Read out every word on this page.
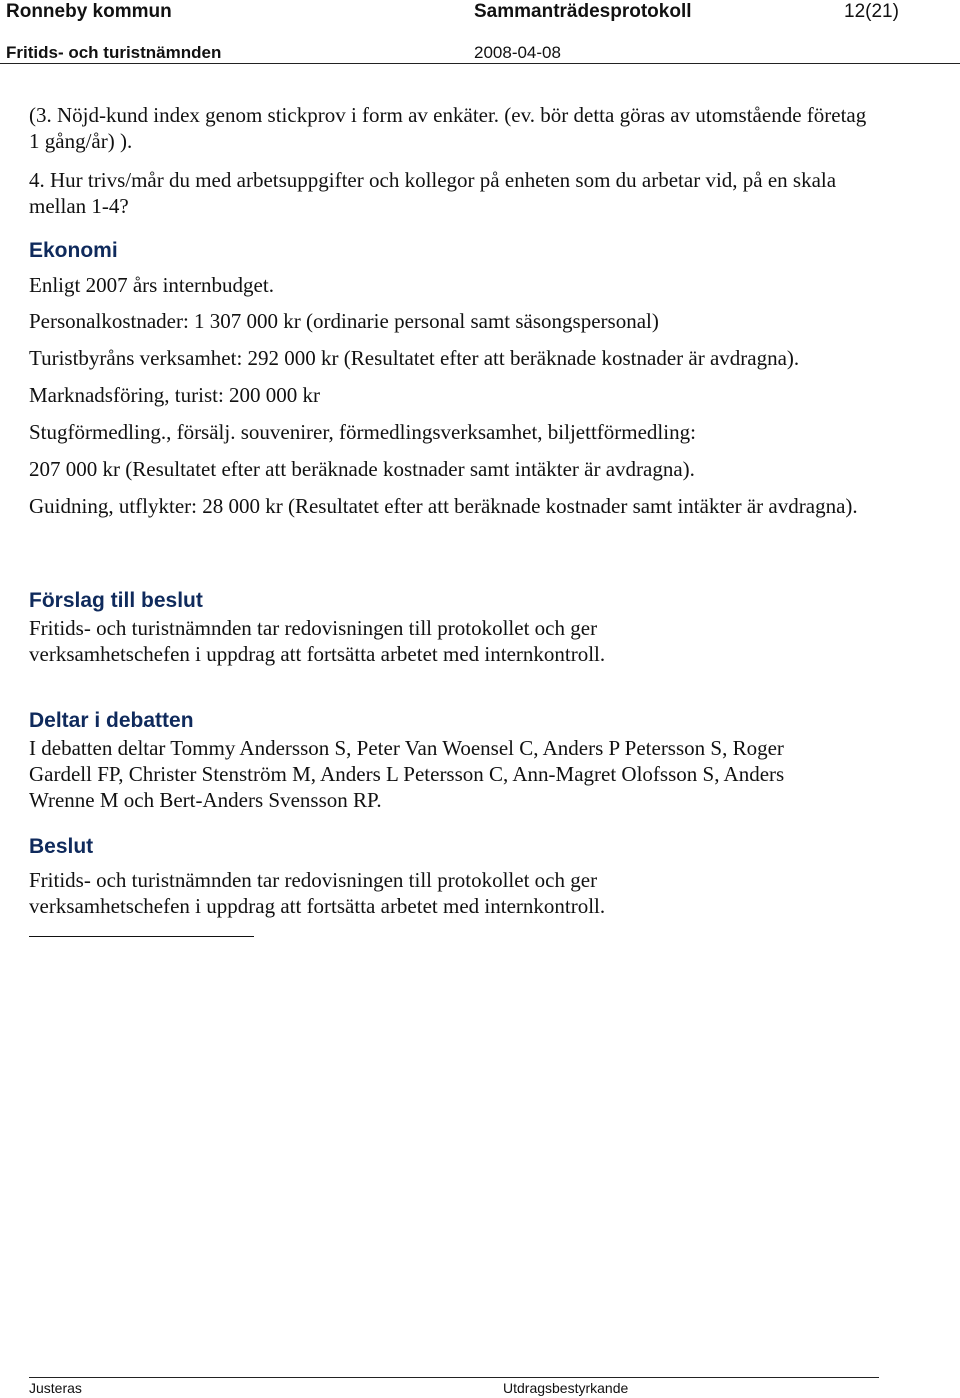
Ronneby kommun	Sammanträdesprotokoll	12(21)
Fritids- och turistnämnden	2008-04-08
(3. Nöjd-kund index genom stickprov i form av enkäter. (ev. bör detta göras av utomstående företag 1 gång/år) ).
4. Hur trivs/mår du med arbetsuppgifter och kollegor på enheten som du arbetar vid, på en skala mellan 1-4?
Ekonomi
Enligt 2007 års internbudget.
Personalkostnader: 1 307 000 kr (ordinarie personal samt säsongspersonal)
Turistbyråns verksamhet: 292 000 kr (Resultatet efter att beräknade kostnader är avdragna).
Marknadsföring, turist: 200 000 kr
Stugförmedling., försälj. souvenirer, förmedlingsverksamhet, biljettförmedling:
207 000 kr (Resultatet efter att beräknade kostnader samt intäkter är avdragna).
Guidning, utflykter: 28 000 kr (Resultatet efter att beräknade kostnader samt intäkter är avdragna).
Förslag till beslut
Fritids- och turistnämnden tar redovisningen till protokollet och ger
verksamhetschefen i uppdrag att fortsätta arbetet med internkontroll.
Deltar i debatten
I debatten deltar Tommy Andersson S, Peter Van Woensel C, Anders P Petersson S, Roger
Gardell FP, Christer Stenström M, Anders L Petersson C, Ann-Magret Olofsson S, Anders
Wrenne M och Bert-Anders Svensson RP.
Beslut
Fritids- och turistnämnden tar redovisningen till protokollet och ger
verksamhetschefen i uppdrag att fortsätta arbetet med internkontroll.
Justeras	Utdragsbestyrkande
